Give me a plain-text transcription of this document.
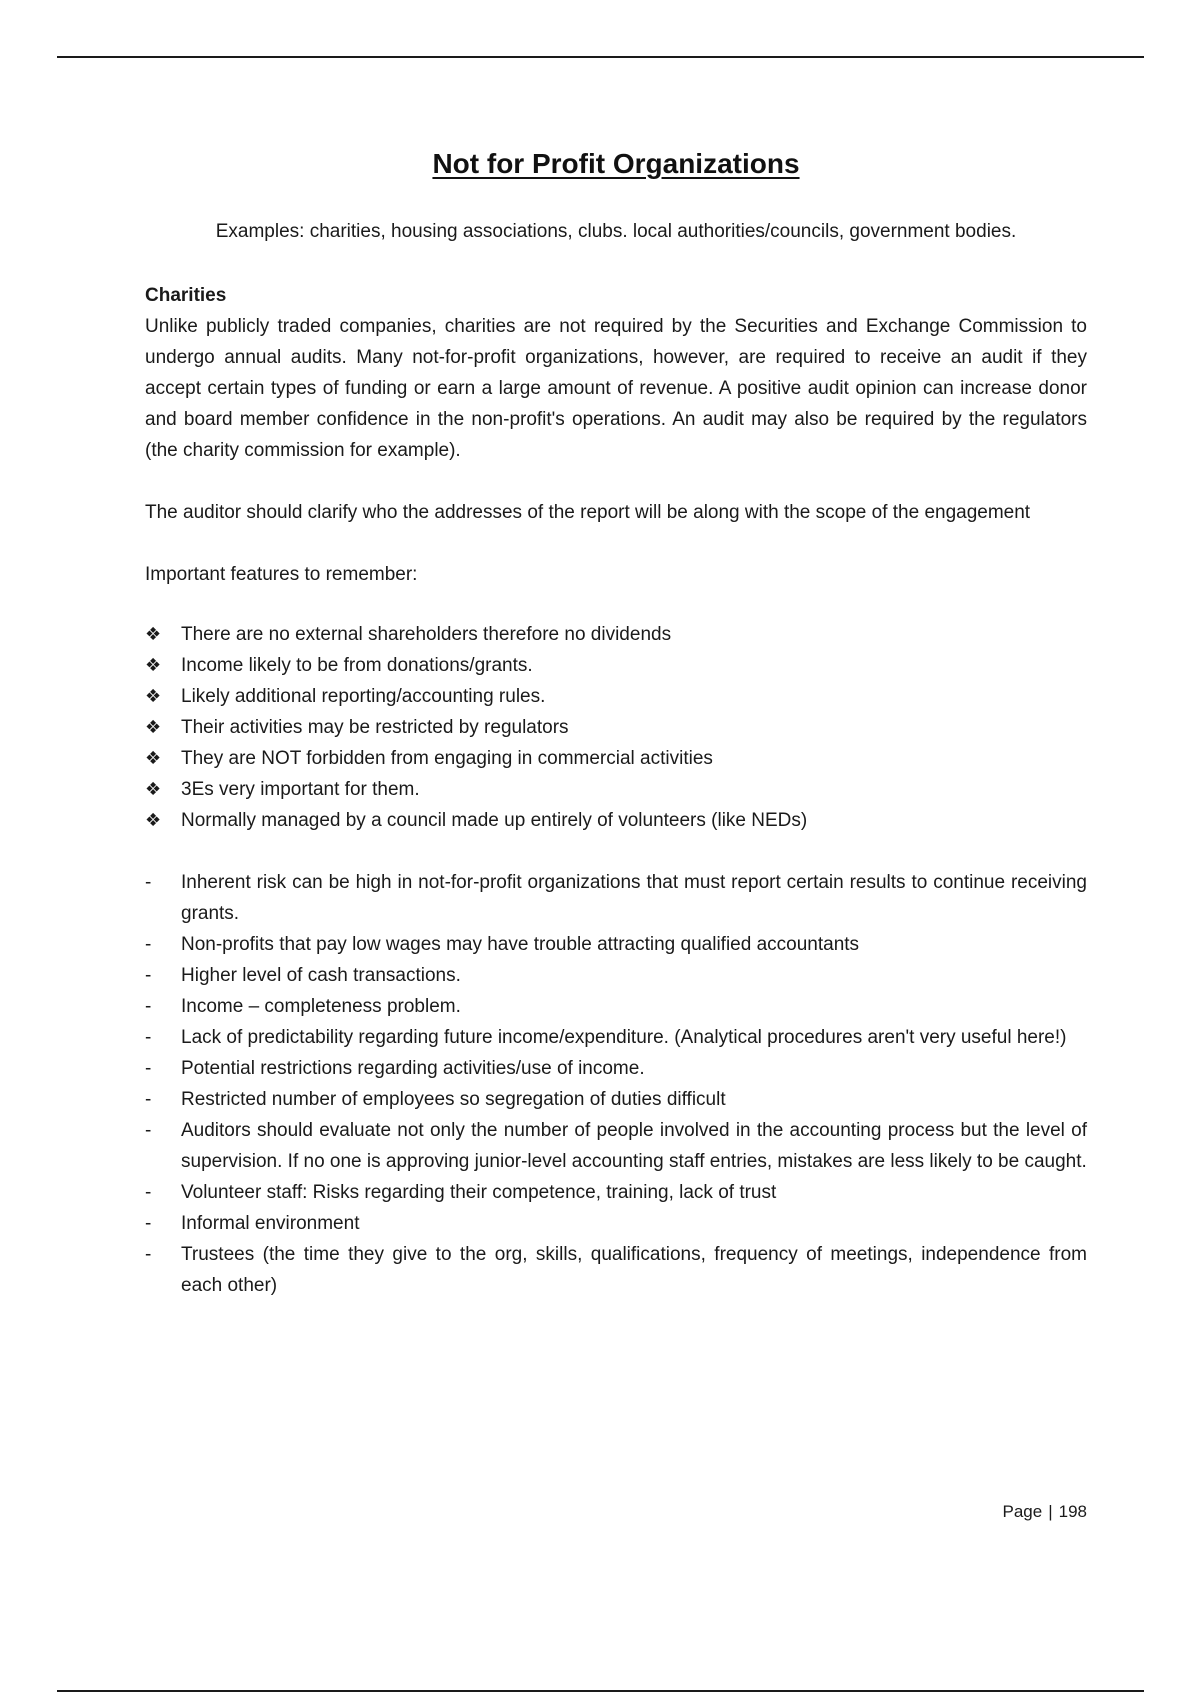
Not for Profit Organizations

Examples: charities, housing associations, clubs. local authorities/councils, government bodies.

Charities

Unlike publicly traded companies, charities are not required by the Securities and Exchange Commission to undergo annual audits. Many not-for-profit organizations, however, are required to receive an audit if they accept certain types of funding or earn a large amount of revenue. A positive audit opinion can increase donor and board member confidence in the non-profit's operations. An audit may also be required by the regulators (the charity commission for example).

The auditor should clarify who the addresses of the report will be along with the scope of the engagement

Important features to remember:

❖	There are no external shareholders therefore no dividends
❖	Income likely to be from donations/grants.
❖	Likely additional reporting/accounting rules.
❖	Their activities may be restricted by regulators
❖	They are NOT forbidden from engaging in commercial activities
❖	3Es very important for them.
❖	Normally managed by a council made up entirely of volunteers (like NEDs)
- Inherent risk can be high in not-for-profit organizations that must report certain results to continue receiving grants.
- Non-profits that pay low wages may have trouble attracting qualified accountants
- Higher level of cash transactions.
- Income – completeness problem.
- Lack of predictability regarding future income/expenditure. (Analytical procedures aren't very useful here!)
- Potential restrictions regarding activities/use of income.
- Restricted number of employees so segregation of duties difficult
- Auditors should evaluate not only the number of people involved in the accounting process but the level of supervision. If no one is approving junior-level accounting staff entries, mistakes are less likely to be caught.
- Volunteer staff: Risks regarding their competence, training, lack of trust
- Informal environment
- Trustees (the time they give to the org, skills, qualifications, frequency of meetings, independence from each other)
Page | 198
